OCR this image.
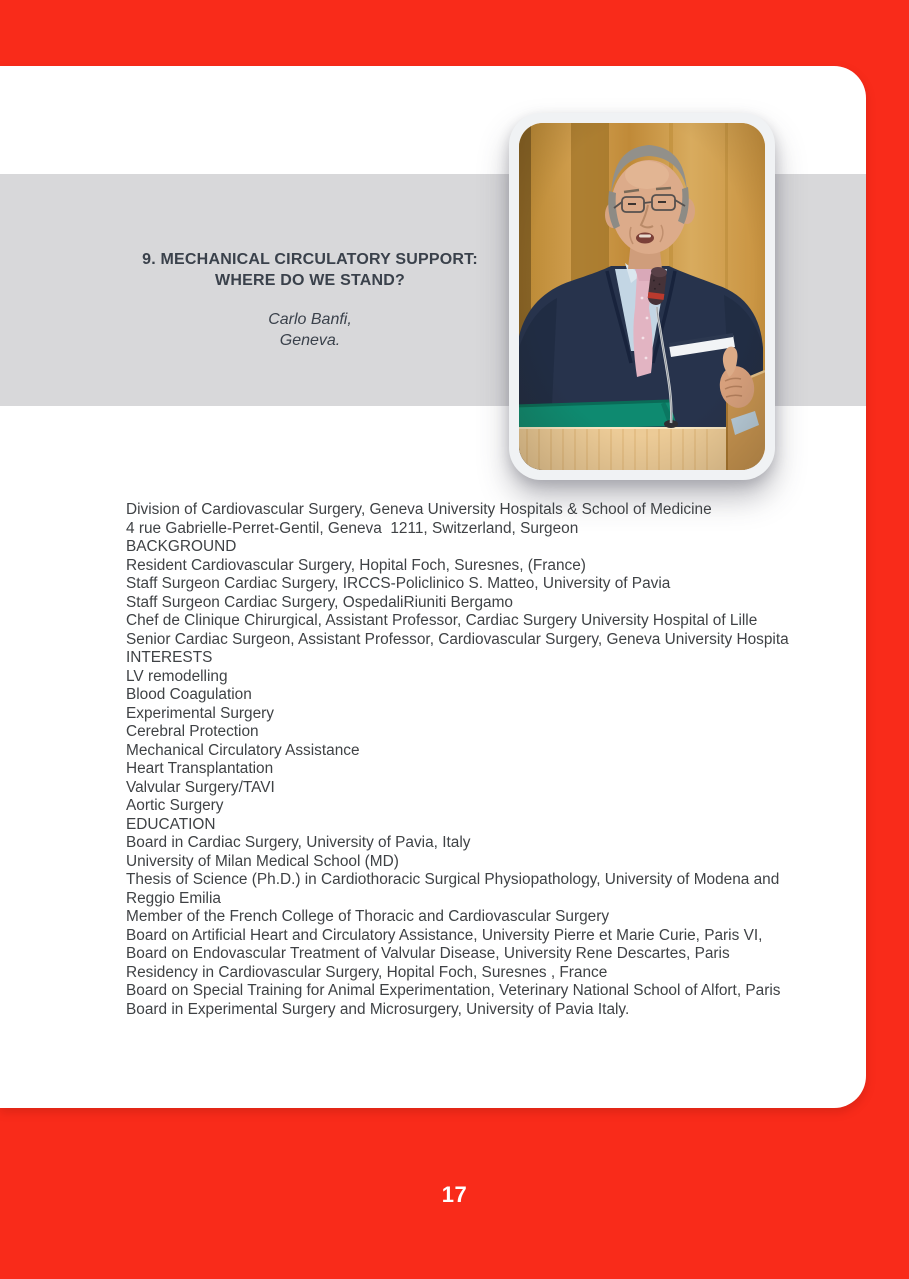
9. MECHANICAL CIRCULATORY SUPPORT:
WHERE DO WE STAND?
Carlo Banfi,
Geneva.
Division of Cardiovascular Surgery, Geneva University Hospitals & School of Medicine
4 rue Gabrielle-Perret-Gentil, Geneva  1211, Switzerland, Surgeon
BACKGROUND
Resident Cardiovascular Surgery, Hopital Foch, Suresnes, (France)
Staff Surgeon Cardiac Surgery, IRCCS-Policlinico S. Matteo, University of Pavia
Staff Surgeon Cardiac Surgery, OspedaliRiuniti Bergamo
Chef de Clinique Chirurgical, Assistant Professor, Cardiac Surgery University Hospital of Lille
Senior Cardiac Surgeon, Assistant Professor, Cardiovascular Surgery, Geneva University Hospita
INTERESTS
LV remodelling
Blood Coagulation
Experimental Surgery
Cerebral Protection
Mechanical Circulatory Assistance
Heart Transplantation
Valvular Surgery/TAVI
Aortic Surgery
EDUCATION
Board in Cardiac Surgery, University of Pavia, Italy
University of Milan Medical School (MD)
Thesis of Science (Ph.D.) in Cardiothoracic Surgical Physiopathology, University of Modena and Reggio Emilia
Member of the French College of Thoracic and Cardiovascular Surgery
Board on Artificial Heart and Circulatory Assistance, University Pierre et Marie Curie, Paris VI,
Board on Endovascular Treatment of Valvular Disease, University Rene Descartes, Paris
Residency in Cardiovascular Surgery, Hopital Foch, Suresnes , France
Board on Special Training for Animal Experimentation, Veterinary National School of Alfort, Paris
Board in Experimental Surgery and Microsurgery, University of Pavia Italy.
17
